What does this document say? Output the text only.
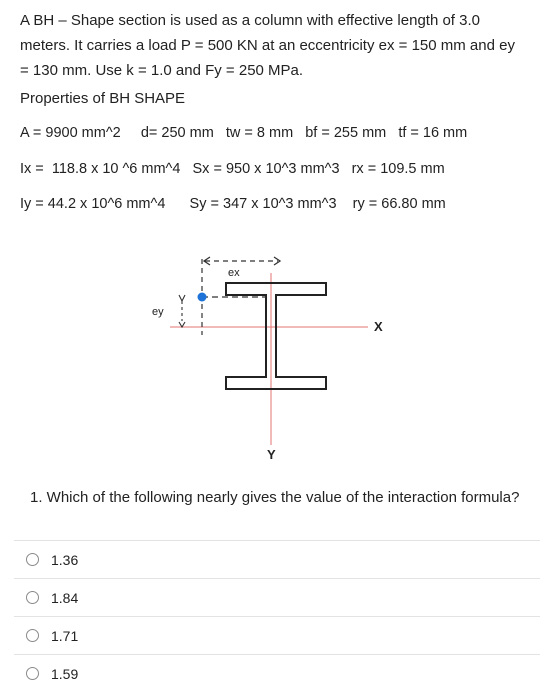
A BH – Shape section is used as a column with effective length of 3.0

meters. It carries a load P = 500 KN at an eccentricity ex = 150 mm and ey

= 130 mm. Use k = 1.0 and Fy = 250 MPa.

Properties of BH SHAPE
A = 9900 mm^2     d= 250 mm   tw = 8 mm   bf = 255 mm   tf = 16 mm
Ix =  118.8 x 10 ^6 mm^4   Sx = 950 x 10^3 mm^3   rx = 109.5 mm
Iy = 44.2 x 10^6 mm^4      Sy = 347 x 10^3 mm^3    ry = 66.80 mm
ex
ey
X
Y
1. Which of the following nearly gives the value of the interaction formula?
1.36
1.84
1.71
1.59
